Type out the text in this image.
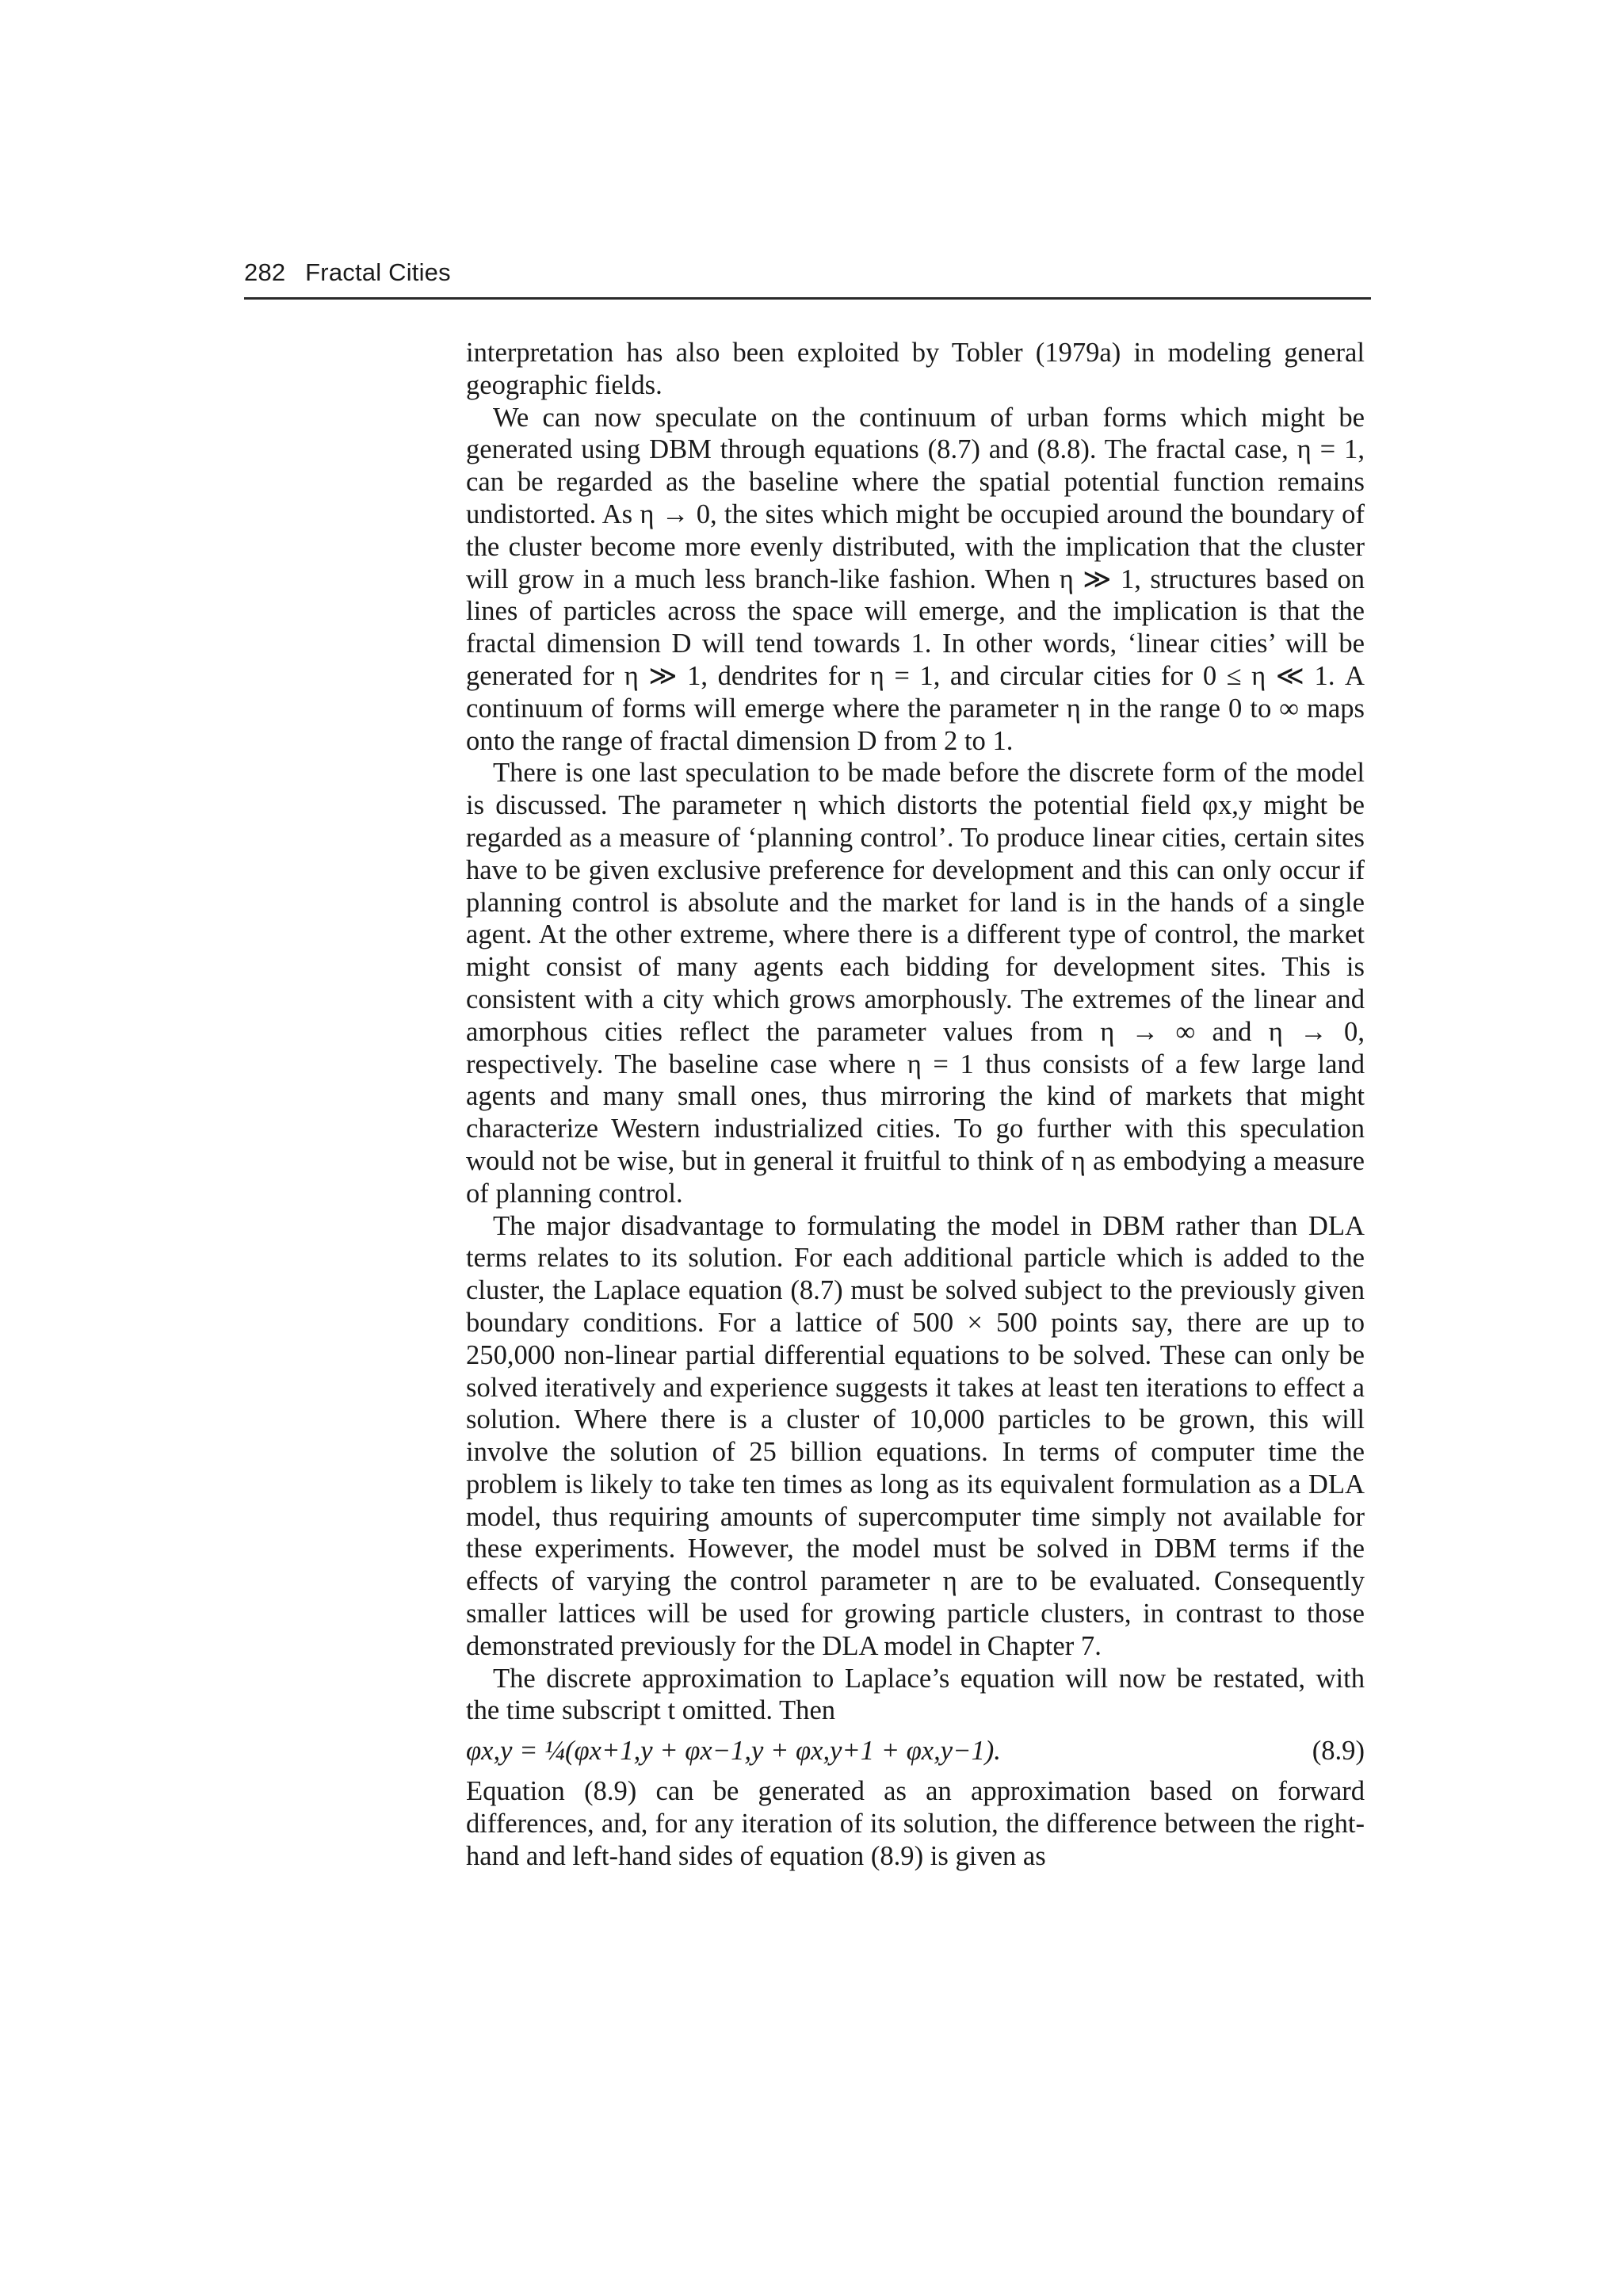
282 Fractal Cities

interpretation has also been exploited by Tobler (1979a) in modeling general geographic fields.

We can now speculate on the continuum of urban forms which might be generated using DBM through equations (8.7) and (8.8). The fractal case, η = 1, can be regarded as the baseline where the spatial potential function remains undistorted. As η → 0, the sites which might be occupied around the boundary of the cluster become more evenly distributed, with the implication that the cluster will grow in a much less branch-like fashion. When η ≫ 1, structures based on lines of particles across the space will emerge, and the implication is that the fractal dimension D will tend towards 1. In other words, ‘linear cities’ will be generated for η ≫ 1, dendrites for η = 1, and circular cities for 0 ≤ η ≪ 1. A continuum of forms will emerge where the parameter η in the range 0 to ∞ maps onto the range of fractal dimension D from 2 to 1.

There is one last speculation to be made before the discrete form of the model is discussed. The parameter η which distorts the potential field φx,y might be regarded as a measure of ‘planning control’. To produce linear cities, certain sites have to be given exclusive preference for development and this can only occur if planning control is absolute and the market for land is in the hands of a single agent. At the other extreme, where there is a different type of control, the market might consist of many agents each bidding for development sites. This is consistent with a city which grows amorphously. The extremes of the linear and amorphous cities reflect the parameter values from η → ∞ and η → 0, respectively. The baseline case where η = 1 thus consists of a few large land agents and many small ones, thus mirroring the kind of markets that might characterize Western industrialized cities. To go further with this speculation would not be wise, but in general it fruitful to think of η as embodying a measure of planning control.

The major disadvantage to formulating the model in DBM rather than DLA terms relates to its solution. For each additional particle which is added to the cluster, the Laplace equation (8.7) must be solved subject to the previously given boundary conditions. For a lattice of 500 × 500 points say, there are up to 250,000 non-linear partial differential equations to be solved. These can only be solved iteratively and experience suggests it takes at least ten iterations to effect a solution. Where there is a cluster of 10,000 particles to be grown, this will involve the solution of 25 billion equations. In terms of computer time the problem is likely to take ten times as long as its equivalent formulation as a DLA model, thus requiring amounts of supercomputer time simply not available for these experiments. However, the model must be solved in DBM terms if the effects of varying the control parameter η are to be evaluated. Consequently smaller lattices will be used for growing particle clusters, in contrast to those demonstrated previously for the DLA model in Chapter 7.

The discrete approximation to Laplace’s equation will now be restated, with the time subscript t omitted. Then

φx,y = ¼(φx+1,y + φx−1,y + φx,y+1 + φx,y−1).	(8.9)

Equation (8.9) can be generated as an approximation based on forward differences, and, for any iteration of its solution, the difference between the right-hand and left-hand sides of equation (8.9) is given as
